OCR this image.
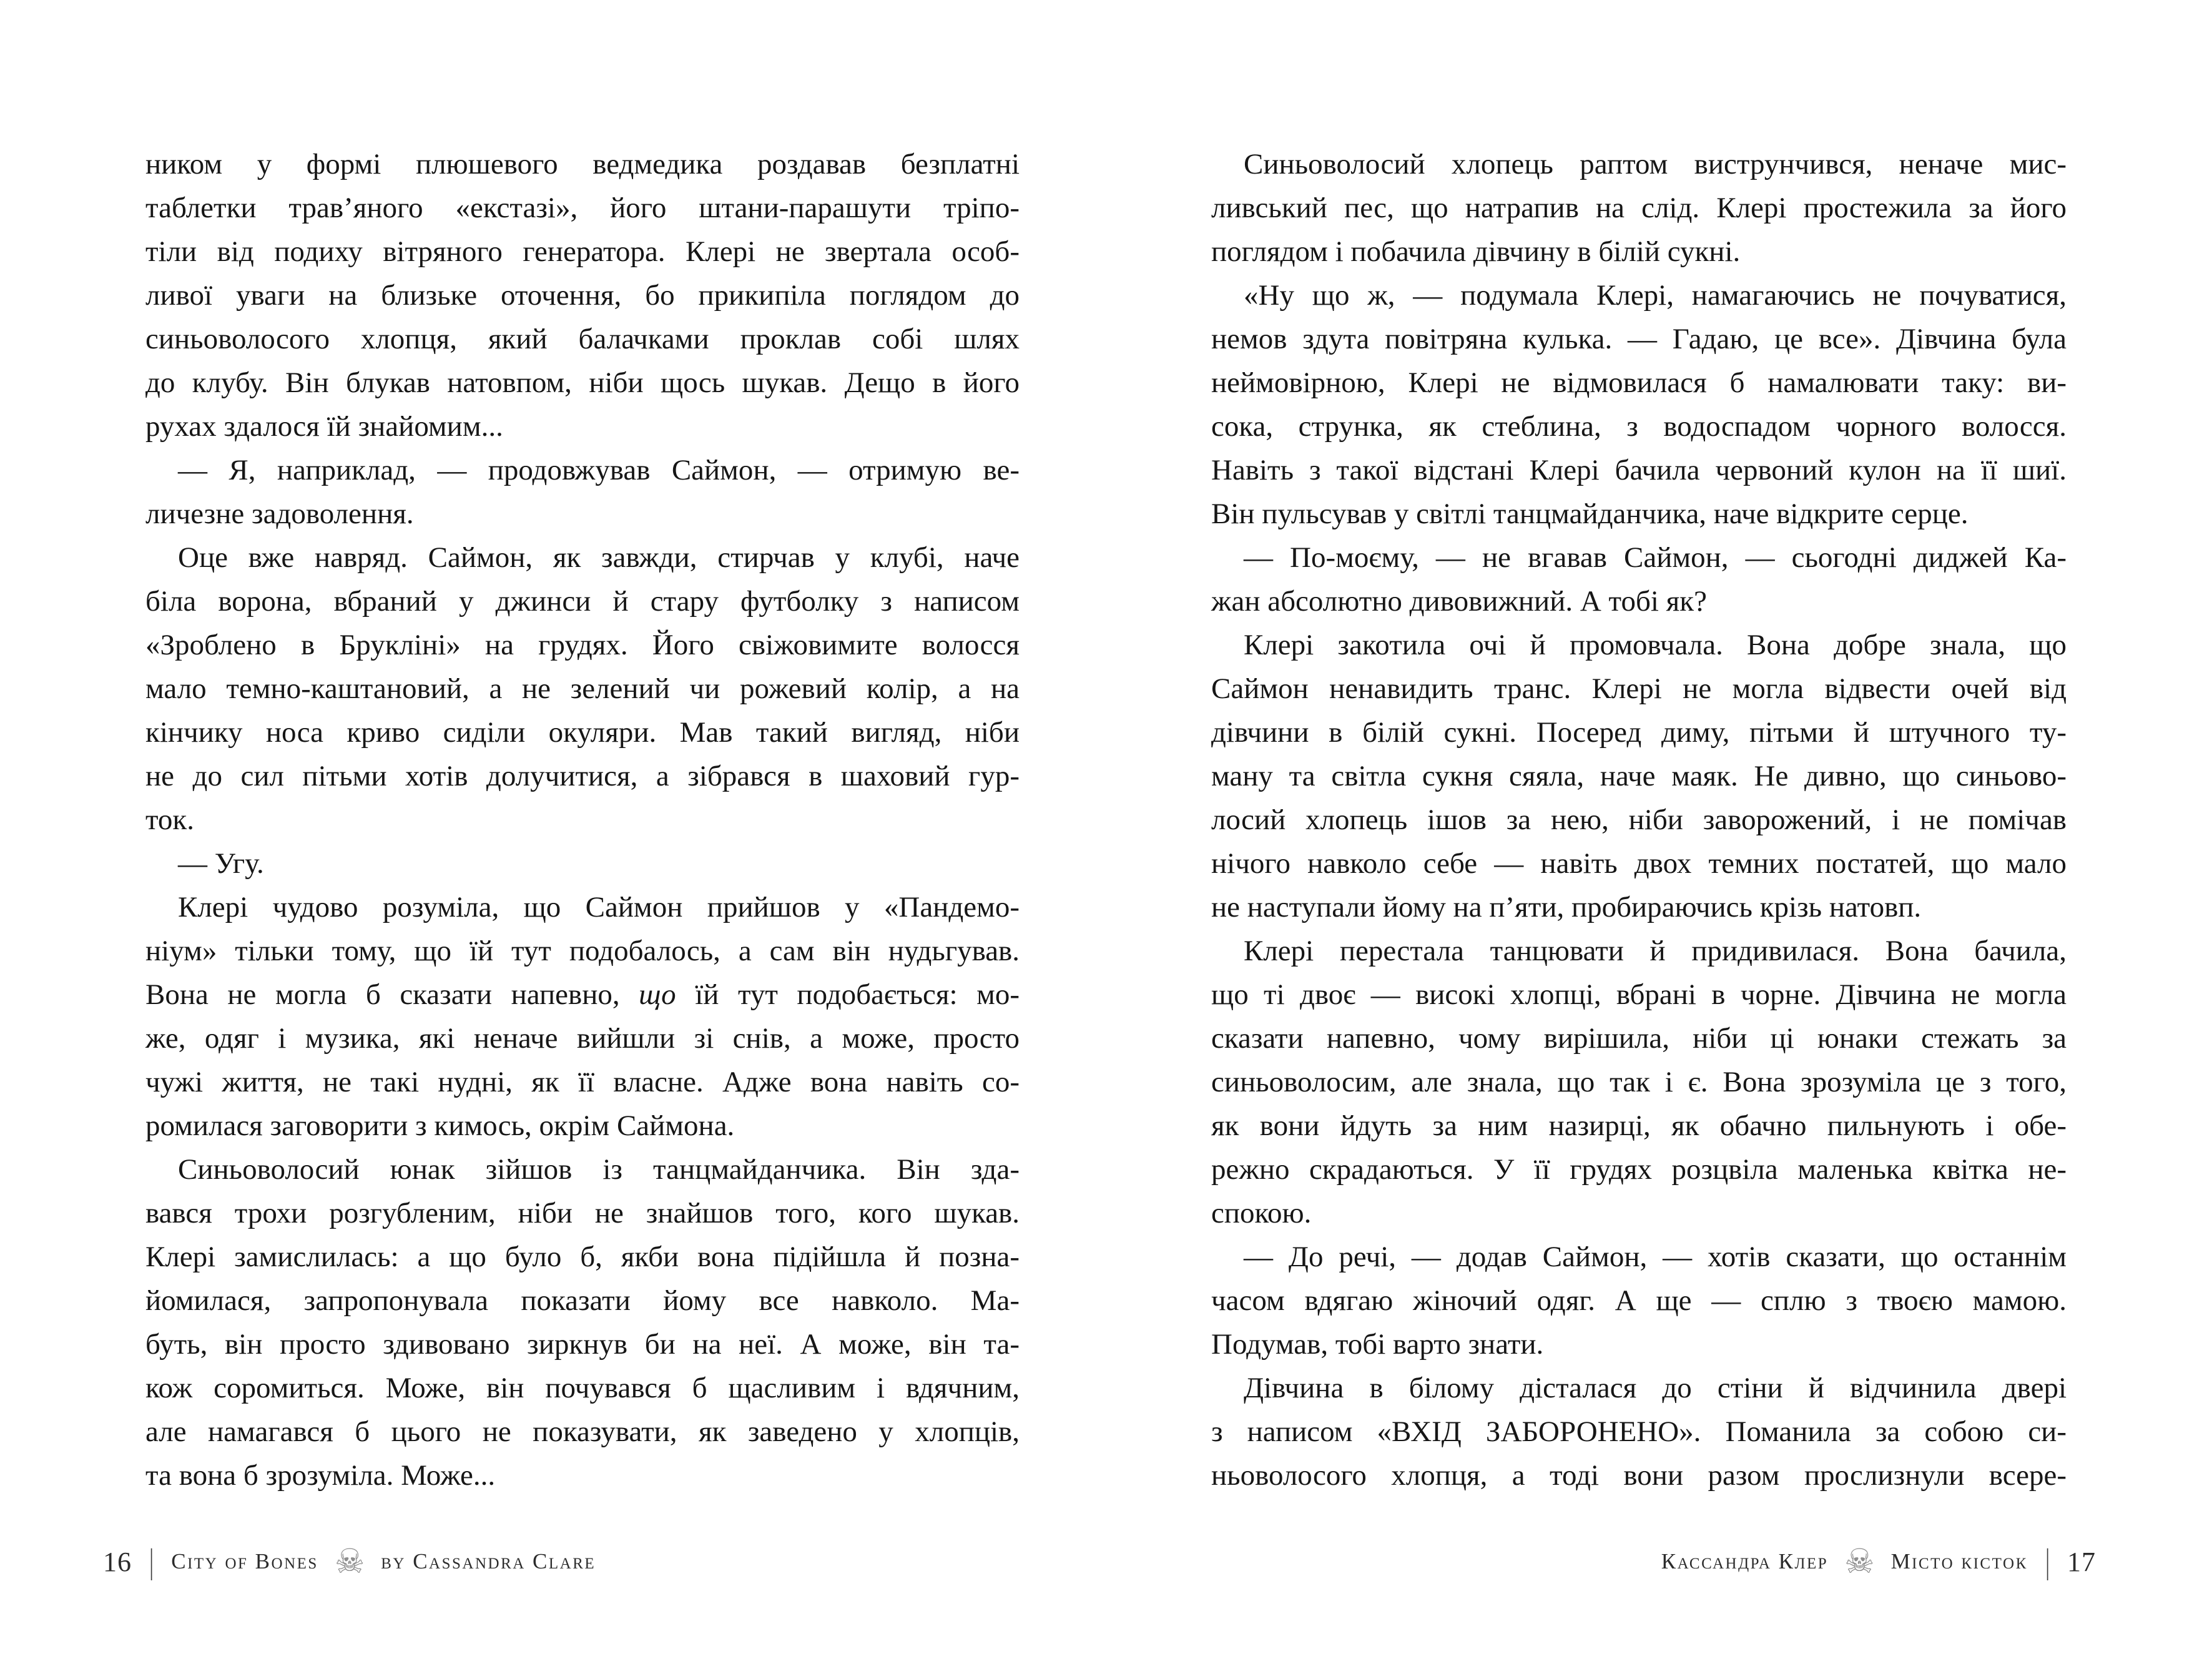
ником у формі плюшевого ведмедика роздавав безплатні
таблетки трав’яного «екстазі», його штани-парашути тріпо-
тіли від подиху вітряного генератора. Клері не звертала особ-
ливої уваги на близьке оточення, бо прикипіла поглядом до
синьоволосого хлопця, який балачками проклав собі шлях
до клубу. Він блукав натовпом, ніби щось шукав. Дещо в його
рухах здалося їй знайомим...
— Я, наприклад, — продовжував Саймон, — отримую ве-
личезне задоволення.
Оце вже навряд. Саймон, як завжди, стирчав у клубі, наче
біла ворона, вбраний у джинси й стару футболку з написом
«Зроблено в Брукліні» на грудях. Його свіжовимите волосся
мало темно-каштановий, а не зелений чи рожевий колір, а на
кінчику носа криво сиділи окуляри. Мав такий вигляд, ніби
не до сил пітьми хотів долучитися, а зібрався в шаховий гур-
ток.
— Угу.
Клері чудово розуміла, що Саймон прийшов у «Пандемо-
ніум» тільки тому, що їй тут подобалось, а сам він нудьгував.
Вона не могла б сказати напевно, що їй тут подобається: мо-
же, одяг і музика, які неначе вийшли зі снів, а може, просто
чужі життя, не такі нудні, як її власне. Адже вона навіть со-
ромилася заговорити з кимось, окрім Саймона.
Синьоволосий юнак зійшов із танцмайданчика. Він зда-
вався трохи розгубленим, ніби не знайшов того, кого шукав.
Клері замислилась: а що було б, якби вона підійшла й позна-
йомилася, запропонувала показати йому все навколо. Ма-
буть, він просто здивовано зиркнув би на неї. А може, він та-
кож соромиться. Може, він почувався б щасливим і вдячним,
але намагався б цього не показувати, як заведено у хлопців,
та вона б зрозуміла. Може...
Синьоволосий хлопець раптом виструнчився, неначе мис-
ливський пес, що натрапив на слід. Клері простежила за його
поглядом і побачила дівчину в білій сукні.
«Ну що ж, — подумала Клері, намагаючись не почуватися,
немов здута повітряна кулька. — Гадаю, це все». Дівчина була
неймовірною, Клері не відмовилася б намалювати таку: ви-
сока, струнка, як стеблина, з водоспадом чорного волосся.
Навіть з такої відстані Клері бачила червоний кулон на її шиї.
Він пульсував у світлі танцмайданчика, наче відкрите серце.
— По-моєму, — не вгавав Саймон, — сьогодні диджей Ка-
жан абсолютно дивовижний. А тобі як?
Клері закотила очі й промовчала. Вона добре знала, що
Саймон ненавидить транс. Клері не могла відвести очей від
дівчини в білій сукні. Посеред диму, пітьми й штучного ту-
ману та світла сукня сяяла, наче маяк. Не дивно, що синьово-
лосий хлопець ішов за нею, ніби заворожений, і не помічав
нічого навколо себе — навіть двох темних постатей, що мало
не наступали йому на п’яти, пробираючись крізь натовп.
Клері перестала танцювати й придивилася. Вона бачила,
що ті двоє — високі хлопці, вбрані в чорне. Дівчина не могла
сказати напевно, чому вирішила, ніби ці юнаки стежать за
синьоволосим, але знала, що так і є. Вона зрозуміла це з того,
як вони йдуть за ним назирці, як обачно пильнують і обе-
режно скрадаються. У її грудях розцвіла маленька квітка не-
спокою.
— До речі, — додав Саймон, — хотів сказати, що останнім
часом вдягаю жіночий одяг. А ще — сплю з твоєю мамою.
Подумав, тобі варто знати.
Дівчина в білому дісталася до стіни й відчинила двері
з написом «ВХІД ЗАБОРОНЕНО». Поманила за собою си-
ньоволосого хлопця, а тоді вони разом прослизнули всере-
16 | City of Bones ☠ by Cassandra Clare	Кассандра Клер ☠ Місто кісток | 17
